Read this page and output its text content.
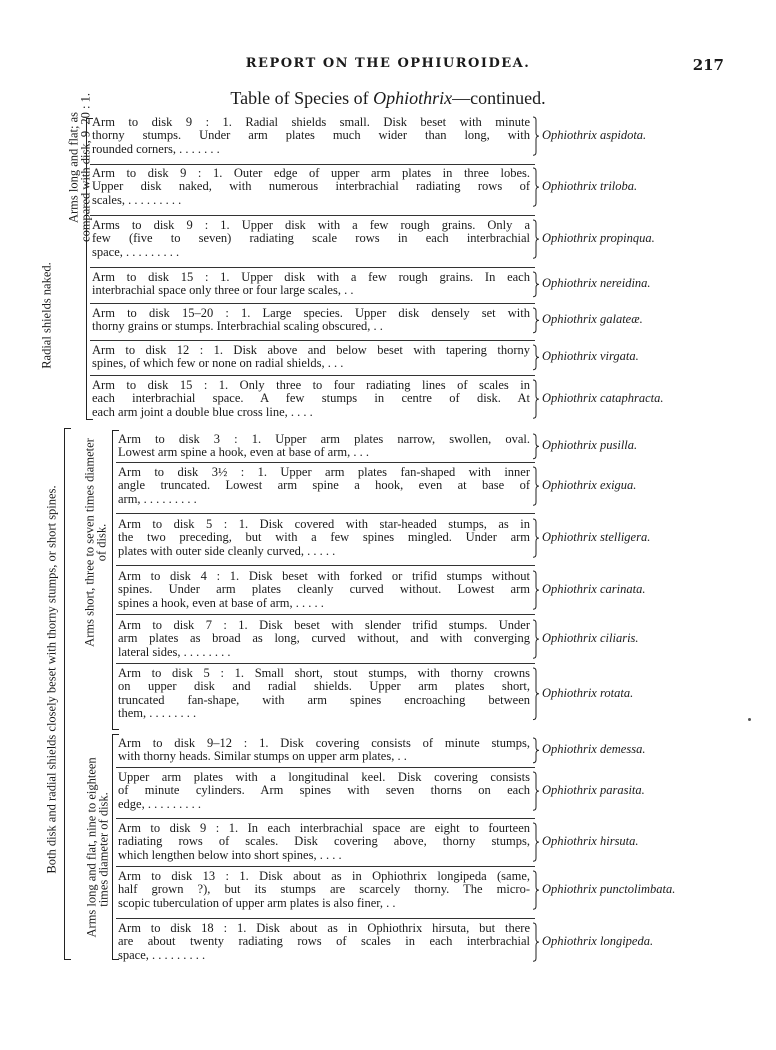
REPORT ON THE OPHIUROIDEA.	217
Table of Species of Ophiothrix—continued.
Radial shields naked.
Arms long and flat; as
compared with disk, 9–20 : 1.
Both disk and radial shields closely beset with thorny stumps, or short spines. Arms short, three to seven times diameter
of disk.
Arms long and flat, nine to eighteen
times diameter of disk.
Arm to disk 9 : 1. Radial shields small. Disk beset with minute
thorny stumps. Under arm plates much wider than long, with
rounded corners, . . . . . . .
Ophiothrix aspidota.
Arm to disk 9 : 1. Outer edge of upper arm plates in three lobes.
Upper disk naked, with numerous interbrachial radiating rows of
scales, . . . . . . . . .
Ophiothrix triloba.
Arms to disk 9 : 1. Upper disk with a few rough grains. Only a
few (five to seven) radiating scale rows in each interbrachial
space, . . . . . . . . .
Ophiothrix propinqua.
Arm to disk 15 : 1. Upper disk with a few rough grains. In each
interbrachial space only three or four large scales, . .
Ophiothrix nereidina.
Arm to disk 15–20 : 1. Large species. Upper disk densely set with
thorny grains or stumps. Interbrachial scaling obscured, . .
Ophiothrix galateæ.
Arm to disk 12 : 1. Disk above and below beset with tapering thorny
spines, of which few or none on radial shields, . . .
Ophiothrix virgata.
Arm to disk 15 : 1. Only three to four radiating lines of scales in
each interbrachial space. A few stumps in centre of disk. At
each arm joint a double blue cross line, . . . .
Ophiothrix cataphracta.
Arm to disk 3 : 1. Upper arm plates narrow, swollen, oval.
Lowest arm spine a hook, even at base of arm, . . .
Ophiothrix pusilla.
Arm to disk 3½ : 1. Upper arm plates fan-shaped with inner
angle truncated. Lowest arm spine a hook, even at base of
arm, . . . . . . . . .
Ophiothrix exigua.
Arm to disk 5 : 1. Disk covered with star-headed stumps, as in
the two preceding, but with a few spines mingled. Under arm
plates with outer side cleanly curved, . . . . .
Ophiothrix stelligera.
Arm to disk 4 : 1. Disk beset with forked or trifid stumps without
spines. Under arm plates cleanly curved without. Lowest arm
spines a hook, even at base of arm, . . . . .
Ophiothrix carinata.
Arm to disk 7 : 1. Disk beset with slender trifid stumps. Under
arm plates as broad as long, curved without, and with converging
lateral sides, . . . . . . . .
Ophiothrix ciliaris.
Arm to disk 5 : 1. Small short, stout stumps, with thorny crowns
on upper disk and radial shields. Upper arm plates short,
truncated fan-shape, with arm spines encroaching between
them, . . . . . . . .
Ophiothrix rotata.
Arm to disk 9–12 : 1. Disk covering consists of minute stumps,
with thorny heads. Similar stumps on upper arm plates, . .
Ophiothrix demessa.
Upper arm plates with a longitudinal keel. Disk covering consists
of minute cylinders. Arm spines with seven thorns on each
edge, . . . . . . . . .
Ophiothrix parasita.
Arm to disk 9 : 1. In each interbrachial space are eight to fourteen
radiating rows of scales. Disk covering above, thorny stumps,
which lengthen below into short spines, . . . .
Ophiothrix hirsuta.
Arm to disk 13 : 1. Disk about as in Ophiothrix longipeda (same,
half grown ?), but its stumps are scarcely thorny. The micro-
scopic tuberculation of upper arm plates is also finer, . .
Ophiothrix punctolimbata.
Arm to disk 18 : 1. Disk about as in Ophiothrix hirsuta, but there
are about twenty radiating rows of scales in each interbrachial
space, . . . . . . . . .
Ophiothrix longipeda.
